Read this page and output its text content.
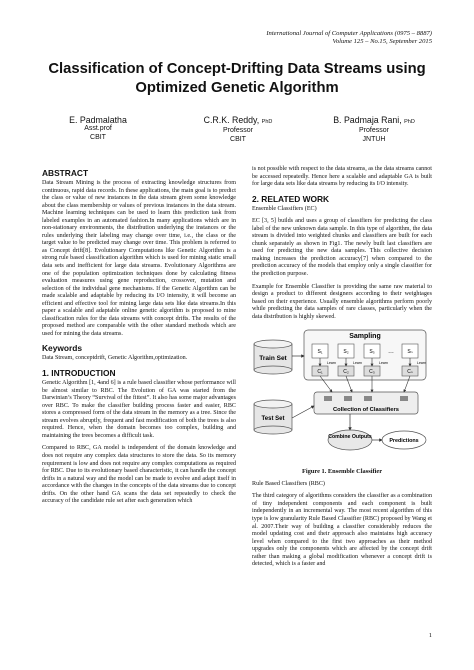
International Journal of Computer Applications (0975 – 8887)
Volume 125 – No.15, September 2015
Classification of Concept-Drifting Data Streams using Optimized Genetic Algorithm
E. Padmalatha
Asst.prof
CBIT
C.R.K. Reddy, PhD
Professor
CBIT
B. Padmaja Rani, PhD
Professor
JNTUH
ABSTRACT

Data Stream Mining is the process of extracting knowledge structures from continuous, rapid data records. In these applications, the main goal is to predict the class or value of new instances in the data stream given some knowledge about the class membership or values of previous instances in the data stream. Machine learning techniques can be used to learn this prediction task from labeled examples in an automated fashion.In many applications which are in non-stationary environments, the distribution underlying the instances or the rules underlying their labeling may change over time, i.e., the class or the target value to be predicted may change over time. This problem is referred to as Concept drift[8]. Evolutionary Computations like Genetic Algorithm is a strong rule based classification algorithm which is used for mining static small data sets and inefficient for large data streams. Evolutionary Algorithms are one of the population optimization techniques done by calculating fitness evaluation measures using gene reproduction, crossover, mutation and selection of the individual gene mechanisms. If the Genetic Algorithm can be made scalable and adaptable by reducing its I/O intensity, it will become an efficient and effective tool for mining large data sets like data streams.In this paper a scalable and adaptable online genetic algorithm is proposed to mine classification rules for the data streams with concept drifts. The results of the proposed method are comparable with the other standard methods which are used for mining the data streams.

Keywords

Data Stream, conceptdrift, Genetic Algorithm,optimization.

1. INTRODUCTION

Genetic Algorithm [1, 4and 6] is a rule based classifier whose performance will be almost similar to RBC. The Evolution of GA was started from the Darwinian’s Theory “Survival of the fittest”. It also has some major advantages over RBC. To make the classifier building process faster and easier, RBC stores a compressed form of the data stream in the memory as a tree. Since the stream evolves abruptly, frequent and fast modification of both the trees is also required. Hence, when the domain becomes too complex, building and maintaining the trees becomes a difficult task.

Compared to RBC, GA model is independent of the domain knowledge and does not require any complex data structures to store the data. So its memory requirement is low and does not require any complex computations as required for RBC. Due to its evolutionary based characteristic, it can handle the concept drifts in a natural way and the model can be made to evolve and adapt itself in accordance with the changes in the concepts of the data streams due to concept drifts. On the other hand GA scans the data set repeatedly to check the accuracy of the candidate rule set after each generation which

is not possible with respect to the data streams, as the data streams cannot be accessed repeatedly. Hence here a scalable and adaptable GA is built for large data sets like data streams by reducing its I/O intensity.

2. RELATED WORK

Ensemble Classifiers (EC)

EC [3, 5] builds and uses a group of classifiers for predicting the class label of the new unknown data sample. In this type of algorithm, the data stream is divided into weighted chunks and classifiers are built for each chunk separately as shown in Fig1. The newly built last classifiers are used for predicting the new data samples. This collective decision making increases the prediction accuracy[7] when compared to the prediction accuracy of the models that employ only a single classifier for the prediction purpose.

Example for Ensemble Classifier is providing the same raw material to design a product to different designers according to their weightages based on their experience. Usually ensemble algorithms perform poorly while predicting the data samples of rare classes, particularly when the data distribution is highly skewed.

Train Set
Test Set
Sampling
S₁	S₂	S₃	Sₙ
…
C₁	C₂	C₃	Cₙ
Learn	Learn	Learn	Learn
Collection of Classifiers
Combine Outputs
Predictions

Figure 1. Ensemble Classifier

Rule Based Classifiers (RBC)

The third category of algorithms considers the classifier as a combination of tiny independent components and each component is built independently in an incremental way. The most recent algorithm of this type is low granularity Rule Based Classifier (RBC) proposed by Wang et al. 2007.Their way of building a classifier considerably reduces the model updating cost and their approach also maintains high accuracy level when compared to the first two approaches as their method upgrades only the components which are affected by the concept drift rather than making a global modification whenever a concept drift is detected, which is a faster and

1
